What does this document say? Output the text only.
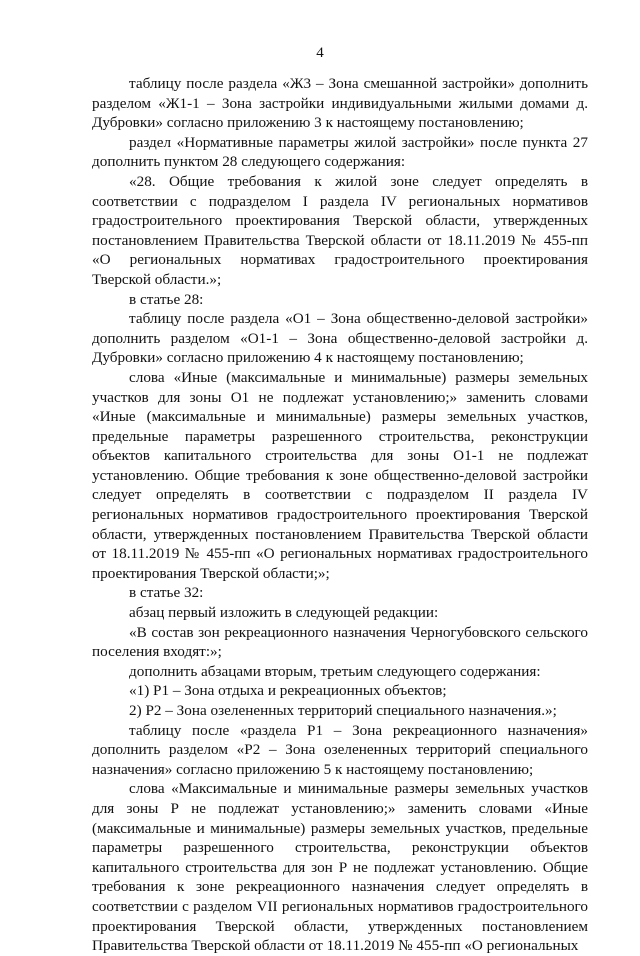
4

таблицу после раздела «Ж3 – Зона смешанной застройки» дополнить разделом «Ж1-1 – Зона застройки индивидуальными жилыми домами д. Дубровки» согласно приложению 3 к настоящему постановлению;

раздел «Нормативные параметры жилой застройки» после пункта 27 дополнить пунктом 28 следующего содержания:

«28. Общие требования к жилой зоне следует определять в соответствии с подразделом I раздела IV региональных нормативов градостроительного проектирования Тверской области, утвержденных постановлением Правительства Тверской области от 18.11.2019 № 455-пп «О региональных нормативах градостроительного проектирования Тверской области.»;

в статье 28:

таблицу после раздела «О1 – Зона общественно-деловой застройки» дополнить разделом «О1-1 – Зона общественно-деловой застройки д. Дубровки» согласно приложению 4 к настоящему постановлению;

слова «Иные (максимальные и минимальные) размеры земельных участков для зоны О1 не подлежат установлению;» заменить словами «Иные (максимальные и минимальные) размеры земельных участков, предельные параметры разрешенного строительства, реконструкции объектов капитального строительства для зоны О1-1 не подлежат установлению. Общие требования к зоне общественно-деловой застройки следует определять в соответствии с подразделом II раздела IV региональных нормативов градостроительного проектирования Тверской области, утвержденных постановлением Правительства Тверской области от 18.11.2019 № 455-пп «О региональных нормативах градостроительного проектирования Тверской области;»;

в статье 32:

абзац первый изложить в следующей редакции:

«В состав зон рекреационного назначения Черногубовского сельского поселения входят:»;

дополнить абзацами вторым, третьим следующего содержания:

«1) Р1 – Зона отдыха и рекреационных объектов;

2) Р2 – Зона озелененных территорий специального назначения.»;

таблицу после «раздела Р1 – Зона рекреационного назначения» дополнить разделом «Р2 – Зона озелененных территорий специального назначения» согласно приложению 5 к настоящему постановлению;

слова «Максимальные и минимальные размеры земельных участков для зоны Р не подлежат установлению;» заменить словами «Иные (максимальные и минимальные) размеры земельных участков, предельные параметры разрешенного строительства, реконструкции объектов капитального строительства для зон Р не подлежат установлению. Общие требования к зоне рекреационного назначения следует определять в соответствии с разделом VII региональных нормативов градостроительного проектирования Тверской области, утвержденных постановлением Правительства Тверской области от 18.11.2019 № 455-пп «О региональных
